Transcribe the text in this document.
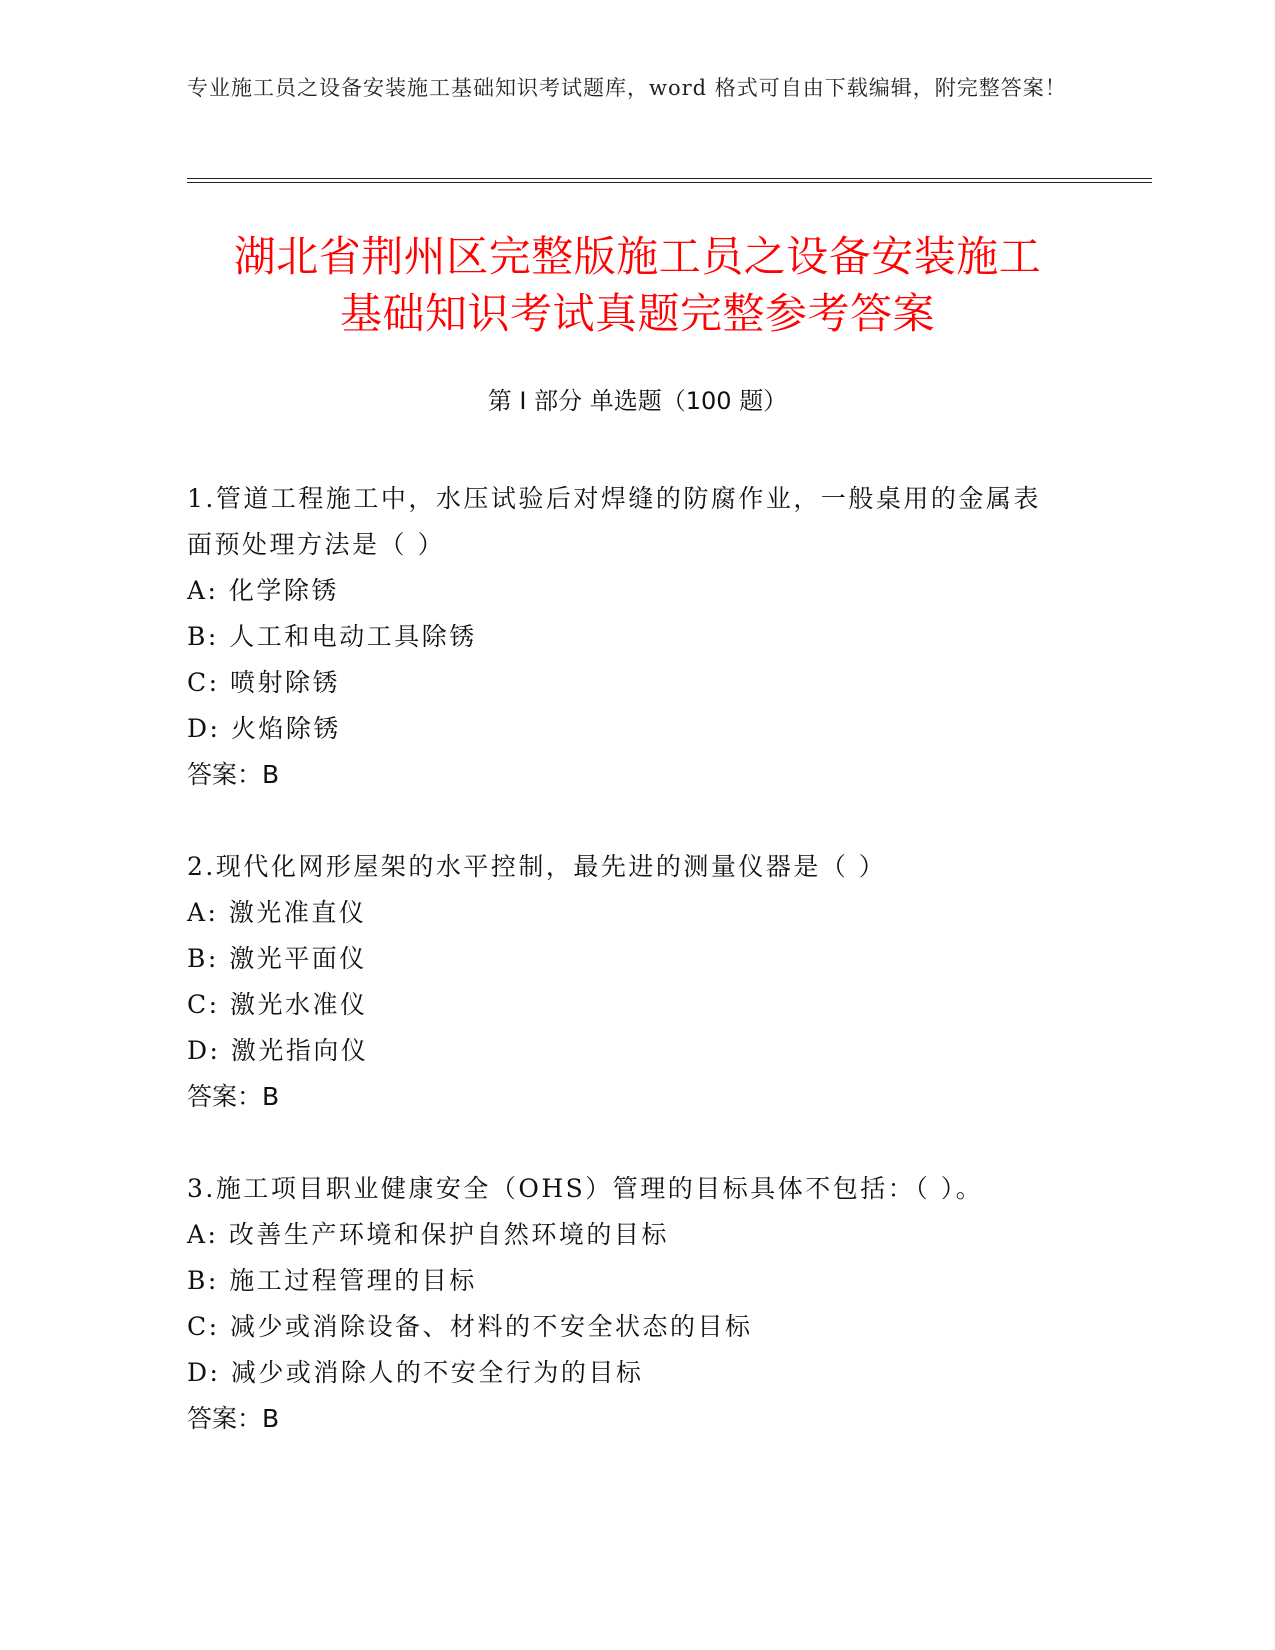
专业施工员之设备安装施工基础知识考试题库，word 格式可自由下载编辑，附完整答案！
湖北省荆州区完整版施工员之设备安装施工
基础知识考试真题完整参考答案
第 I 部分 单选题（100 题）

1.管道工程施工中，水压试验后对焊缝的防腐作业，一般桌用的金属表面预处理方法是（ ）

A: 化学除锈

B: 人工和电动工具除锈

C: 喷射除锈

D: 火焰除锈

答案：B

2.现代化网形屋架的水平控制，最先进的测量仪器是（ ）

A: 激光准直仪

B: 激光平面仪

C: 激光水准仪

D: 激光指向仪

答案：B

3.施工项目职业健康安全（OHS）管理的目标具体不包括：（ ）。

A: 改善生产环境和保护自然环境的目标

B: 施工过程管理的目标

C: 减少或消除设备、材料的不安全状态的目标

D: 减少或消除人的不安全行为的目标

答案：B
